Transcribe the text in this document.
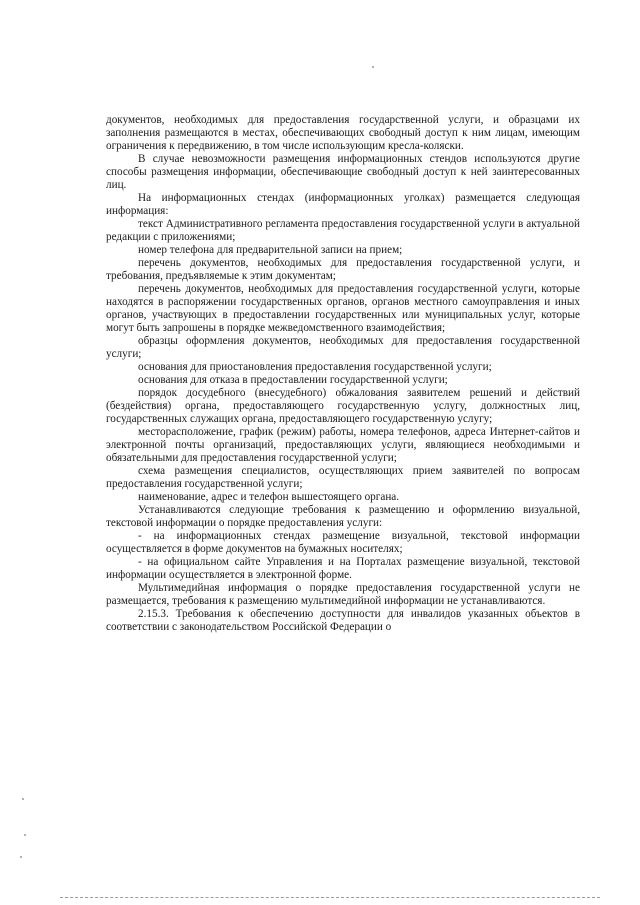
документов, необходимых для предоставления государственной услуги, и образцами их заполнения размещаются в местах, обеспечивающих свободный доступ к ним лицам, имеющим ограничения к передвижению, в том числе использующим кресла-коляски.

В случае невозможности размещения информационных стендов используются другие способы размещения информации, обеспечивающие свободный доступ к ней заинтересованных лиц.

На информационных стендах (информационных уголках) размещается следующая информация:

текст Административного регламента предоставления государственной услуги в актуальной редакции с приложениями;

номер телефона для предварительной записи на прием;

перечень документов, необходимых для предоставления государственной услуги, и требования, предъявляемые к этим документам;

перечень документов, необходимых для предоставления государственной услуги, которые находятся в распоряжении государственных органов, органов местного самоуправления и иных органов, участвующих в предоставлении государственных или муниципальных услуг, которые могут быть запрошены в порядке межведомственного взаимодействия;

образцы оформления документов, необходимых для предоставления государственной услуги;

основания для приостановления предоставления государственной услуги;

основания для отказа в предоставлении государственной услуги;

порядок досудебного (внесудебного) обжалования заявителем решений и действий (бездействия) органа, предоставляющего государственную услугу, должностных лиц, государственных служащих органа, предоставляющего государственную услугу;

месторасположение, график (режим) работы, номера телефонов, адреса Интернет-сайтов и электронной почты организаций, предоставляющих услуги, являющиеся необходимыми и обязательными для предоставления государственной услуги;

схема размещения специалистов, осуществляющих прием заявителей по вопросам предоставления государственной услуги;

наименование, адрес и телефон вышестоящего органа.

Устанавливаются следующие требования к размещению и оформлению визуальной, текстовой информации о порядке предоставления услуги:

- на информационных стендах размещение визуальной, текстовой информации осуществляется в форме документов на бумажных носителях;

- на официальном сайте Управления и на Порталах размещение визуальной, текстовой информации осуществляется в электронной форме.

Мультимедийная информация о порядке предоставления государственной услуги не размещается, требования к размещению мультимедийной информации не устанавливаются.

2.15.3. Требования к обеспечению доступности для инвалидов указанных объектов в соответствии с законодательством Российской Федерации о
